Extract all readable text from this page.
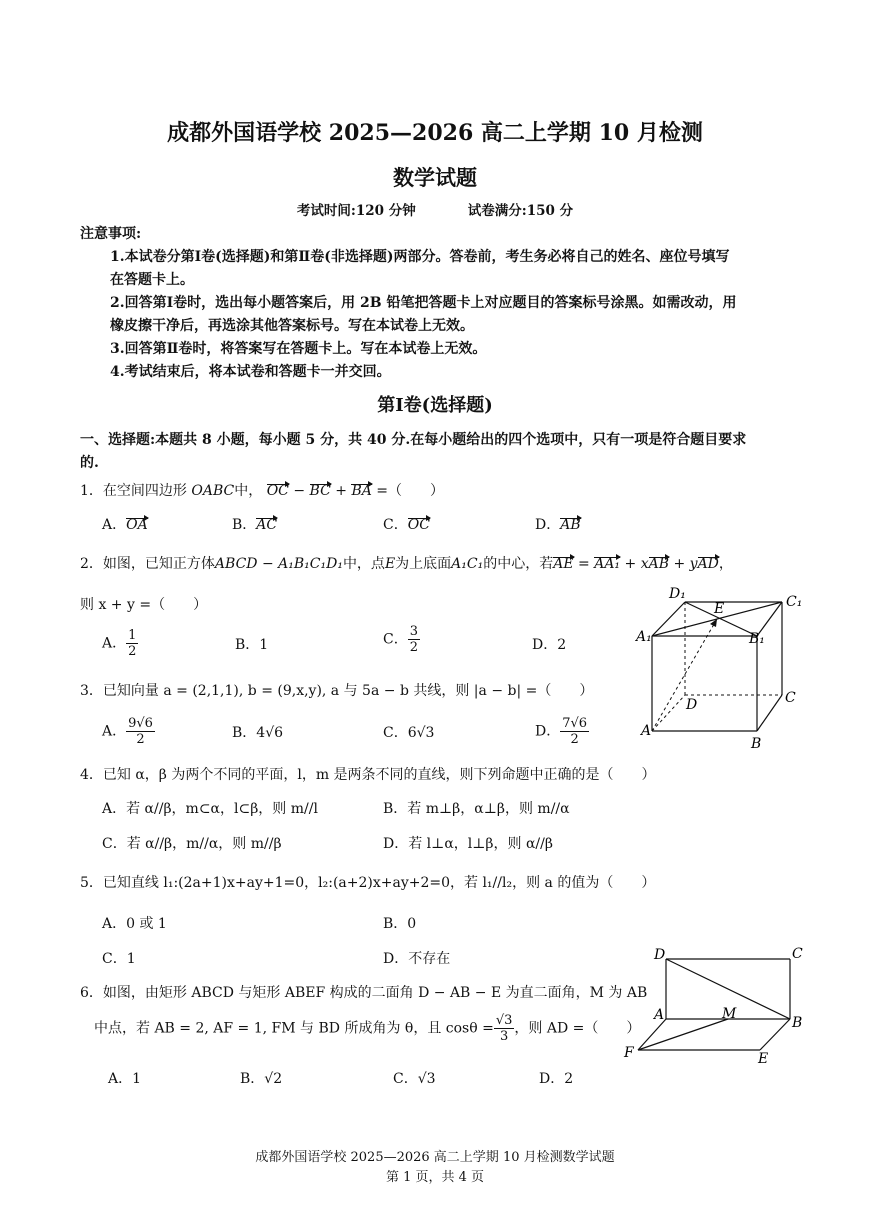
成都外国语学校 2025—2026 高二上学期 10 月检测
数学试题
考试时间:120 分钟	试卷满分:150 分
注意事项:
1.本试卷分第Ⅰ卷(选择题)和第Ⅱ卷(非选择题)两部分。答卷前，考生务必将自己的姓名、座位号填写
在答题卡上。
2.回答第Ⅰ卷时，选出每小题答案后，用 2B 铅笔把答题卡上对应题目的答案标号涂黑。如需改动，用
橡皮擦干净后，再选涂其他答案标号。写在本试卷上无效。
3.回答第Ⅱ卷时，将答案写在答题卡上。写在本试卷上无效。
4.考试结束后，将本试卷和答题卡一并交回。
第Ⅰ卷(选择题)
一、选择题:本题共 8 小题，每小题 5 分，共 40 分.在每小题给出的四个选项中，只有一项是符合题目要求
的.
1．在空间四边形 OABC中， OC − BC + BA =（　　）
A．OA	B．AC	C．OC	D．AB
2．如图，已知正方体ABCD − A₁B₁C₁D₁中，点E为上底面A₁C₁的中心，若AE = AA₁ + xAB + yAD，
则 x + y =（　　）
A． $\frac{1}{2}$	B．1	C． $\frac{3}{2}$	D．2
3．已知向量 a = (2,1,1), b = (9,x,y), a 与 5a − b 共线，则 |a − b| =（　　）
A． $\frac{9√6}{2}$	B．4√6	C．6√3	D． $\frac{7√6}{2}$
4．已知 α，β 为两个不同的平面，l，m 是两条不同的直线，则下列命题中正确的是（　　）
A．若 α//β，m⊂α，l⊂β，则 m//l	B．若 m⊥β，α⊥β，则 m//α
C．若 α//β，m//α，则 m//β	D．若 l⊥α，l⊥β，则 α//β
5．已知直线 l₁:(2a+1)x+ay+1=0，l₂:(a+2)x+ay+2=0，若 l₁//l₂，则 a 的值为（　　）
A．0 或 1	B．0
C．1	D．不存在
6．如图，由矩形 ABCD 与矩形 ABEF 构成的二面角 D − AB − E 为直二面角，M 为 AB
中点，若 AB = 2, AF = 1, FM 与 BD 所成角为 θ，且 $\cos\theta = \frac{√3}{3}$ ，则 AD =（　　）
A．1	B．√2	C．√3	D．2
D₁	C₁
E
A₁	B₁
D	C
A
B
D	C
A	M
B
F	E
成都外国语学校 2025—2026 高二上学期 10 月检测数学试题
第 1 页，共 4 页
